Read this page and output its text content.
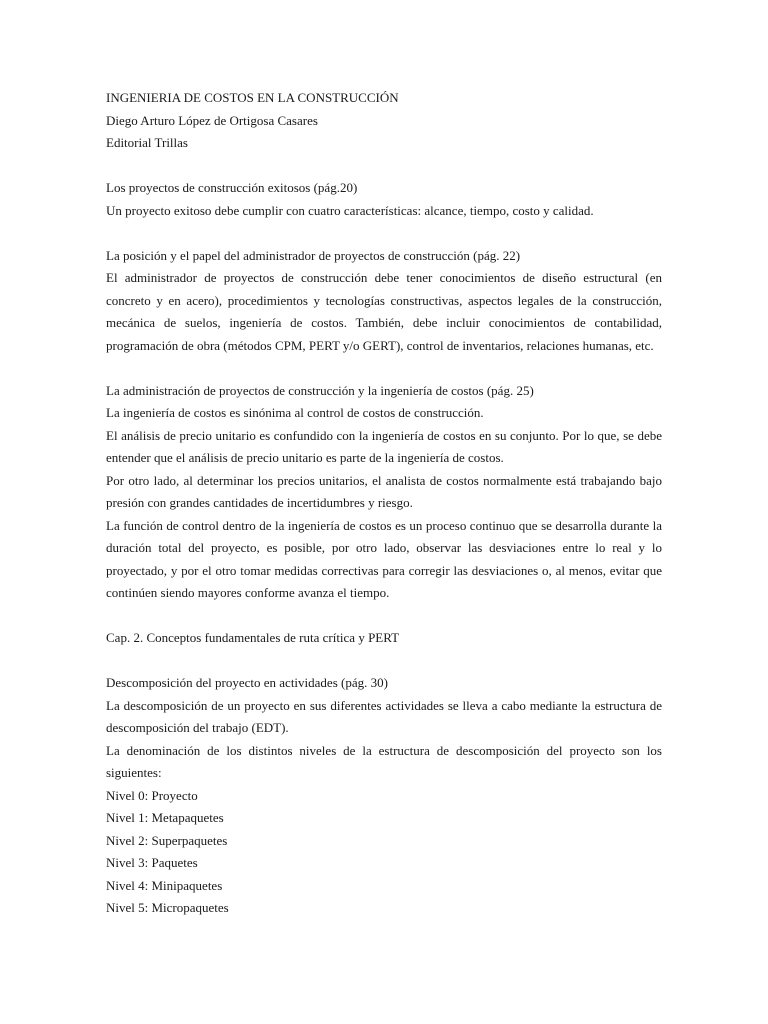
INGENIERIA DE COSTOS EN LA CONSTRUCCIÓN
Diego Arturo López de Ortigosa Casares
Editorial Trillas
Los proyectos de construcción exitosos (pág.20)
Un proyecto exitoso debe cumplir con cuatro características: alcance, tiempo, costo y calidad.
La posición y el papel del administrador de proyectos de construcción (pág. 22)
El administrador de proyectos de construcción debe tener conocimientos de diseño estructural (en concreto y en acero), procedimientos y tecnologías constructivas, aspectos legales de la construcción, mecánica de suelos, ingeniería de costos. También, debe incluir conocimientos de contabilidad, programación de obra (métodos CPM, PERT y/o GERT), control de inventarios, relaciones humanas, etc.
La administración de proyectos de construcción y la ingeniería de costos (pág. 25)
La ingeniería de costos es sinónima al control de costos de construcción.
El análisis de precio unitario es confundido con la ingeniería de costos en su conjunto. Por lo que, se debe entender que el análisis de precio unitario es parte de la ingeniería de costos.
Por otro lado, al determinar los precios unitarios, el analista de costos normalmente está trabajando bajo presión con grandes cantidades de incertidumbres y riesgo.
La función de control dentro de la ingeniería de costos es un proceso continuo que se desarrolla durante la duración total del proyecto, es posible, por otro lado, observar las desviaciones entre lo real y lo proyectado, y por el otro tomar medidas correctivas para corregir las desviaciones o, al menos, evitar que continúen siendo mayores conforme avanza el tiempo.
Cap. 2. Conceptos fundamentales de ruta crítica y PERT
Descomposición del proyecto en actividades (pág. 30)
La descomposición de un proyecto en sus diferentes actividades se lleva a cabo mediante la estructura de descomposición del trabajo (EDT).
La denominación de los distintos niveles de la estructura de descomposición del proyecto son los siguientes:
Nivel 0: Proyecto
Nivel 1: Metapaquetes
Nivel 2: Superpaquetes
Nivel 3: Paquetes
Nivel 4: Minipaquetes
Nivel 5: Micropaquetes
